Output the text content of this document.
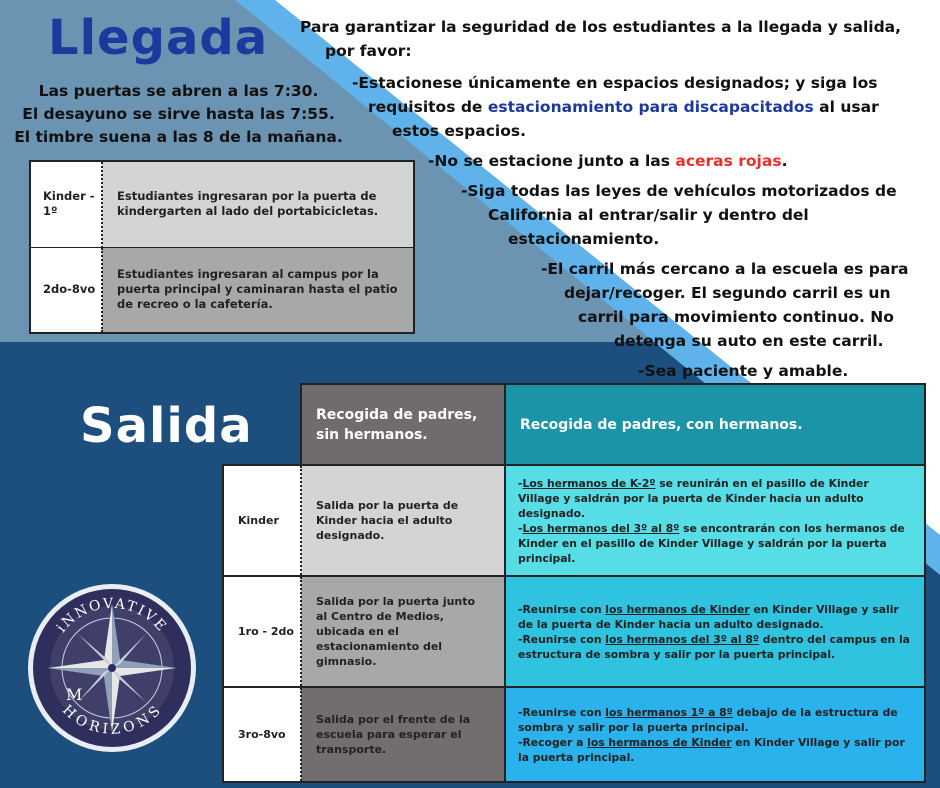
Llegada
Las puertas se abren a las 7:30.
El desayuno se sirve hasta las 7:55.
El timbre suena a las 8 de la mañana.
Kinder - 1º	Estudiantes ingresaran por la puerta de kindergarten al lado del portabicicletas.
2do-8vo	Estudiantes ingresaran al campus por la puerta principal y caminaran hasta el patio de recreo o la cafetería.
Para garantizar la seguridad de los estudiantes a la llegada y salida,
por favor:
-Estacionese únicamente en espacios designados; y siga los
requisitos de estacionamiento para discapacitados al usar
estos espacios.
-No se estacione junto a las aceras rojas.
-Siga todas las leyes de vehículos motorizados de
California al entrar/salir y dentro del
estacionamiento.
-El carril más cercano a la escuela es para
dejar/recoger. El segundo carril es un
carril para movimiento continuo. No
detenga su auto en este carril.
-Sea paciente y amable.
Salida
		Recogida de padres, sin hermanos.	Recogida de padres, con hermanos.
Kinder	Salida por la puerta de Kinder hacia el adulto designado.	-Los hermanos de K-2º se reunirán en el pasillo de Kinder Village y saldrán por la puerta de Kinder hacia un adulto designado.
-Los hermanos del 3º al 8º se encontrarán con los hermanos de Kinder en el pasillo de Kinder Village y saldrán por la puerta principal.

1ro - 2do	Salida por la puerta junto al Centro de Medios, ubicada en el estacionamiento del gimnasio.	-Reunirse con los hermanos de Kinder en Kinder Village y salir de la puerta de Kinder hacia un adulto designado.
-Reunirse con los hermanos del 3º al 8º dentro del campus en la estructura de sombra y salir por la puerta principal.

3ro-8vo	Salida por el frente de la escuela para esperar el transporte.	-Reunirse con los hermanos 1º a 8º debajo de la estructura de sombra y salir por la puerta principal.
-Recoger a los hermanos de Kinder en Kinder Village y salir por la puerta principal.
iNNOVATIVE
HORIZONS
M
